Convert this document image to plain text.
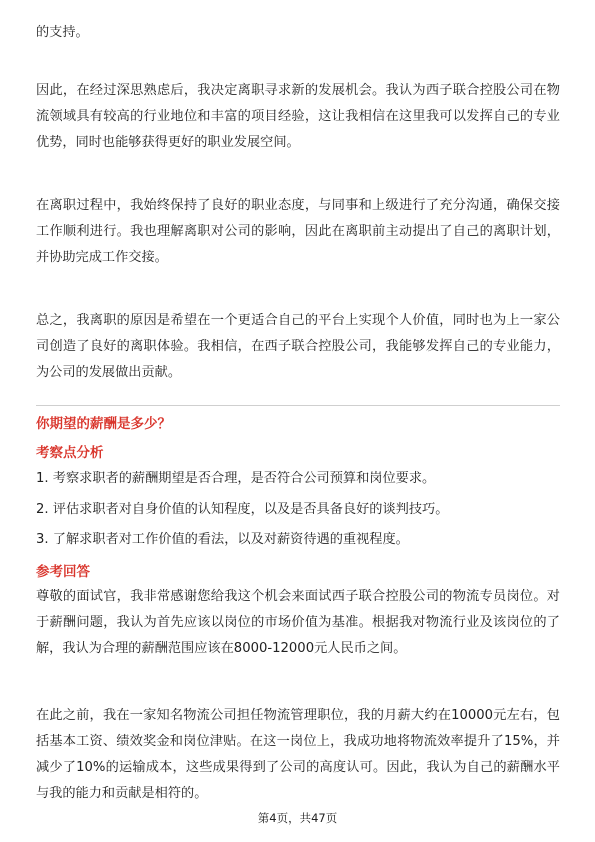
的支持。

因此，在经过深思熟虑后，我决定离职寻求新的发展机会。我认为西子联合控股公司在物流领域具有较高的行业地位和丰富的项目经验，这让我相信在这里我可以发挥自己的专业优势，同时也能够获得更好的职业发展空间。

在离职过程中，我始终保持了良好的职业态度，与同事和上级进行了充分沟通，确保交接工作顺利进行。我也理解离职对公司的影响，因此在离职前主动提出了自己的离职计划，并协助完成工作交接。

总之，我离职的原因是希望在一个更适合自己的平台上实现个人价值，同时也为上一家公司创造了良好的离职体验。我相信，在西子联合控股公司，我能够发挥自己的专业能力，为公司的发展做出贡献。

你期望的薪酬是多少？

考察点分析

1. 考察求职者的薪酬期望是否合理，是否符合公司预算和岗位要求。

2. 评估求职者对自身价值的认知程度，以及是否具备良好的谈判技巧。

3. 了解求职者对工作价值的看法，以及对薪资待遇的重视程度。

参考回答

尊敬的面试官，我非常感谢您给我这个机会来面试西子联合控股公司的物流专员岗位。对于薪酬问题，我认为首先应该以岗位的市场价值为基准。根据我对物流行业及该岗位的了解，我认为合理的薪酬范围应该在8000-12000元人民币之间。

在此之前，我在一家知名物流公司担任物流管理职位，我的月薪大约在10000元左右，包括基本工资、绩效奖金和岗位津贴。在这一岗位上，我成功地将物流效率提升了15%，并减少了10%的运输成本，这些成果得到了公司的高度认可。因此，我认为自己的薪酬水平与我的能力和贡献是相符的。

第4页，共47页
